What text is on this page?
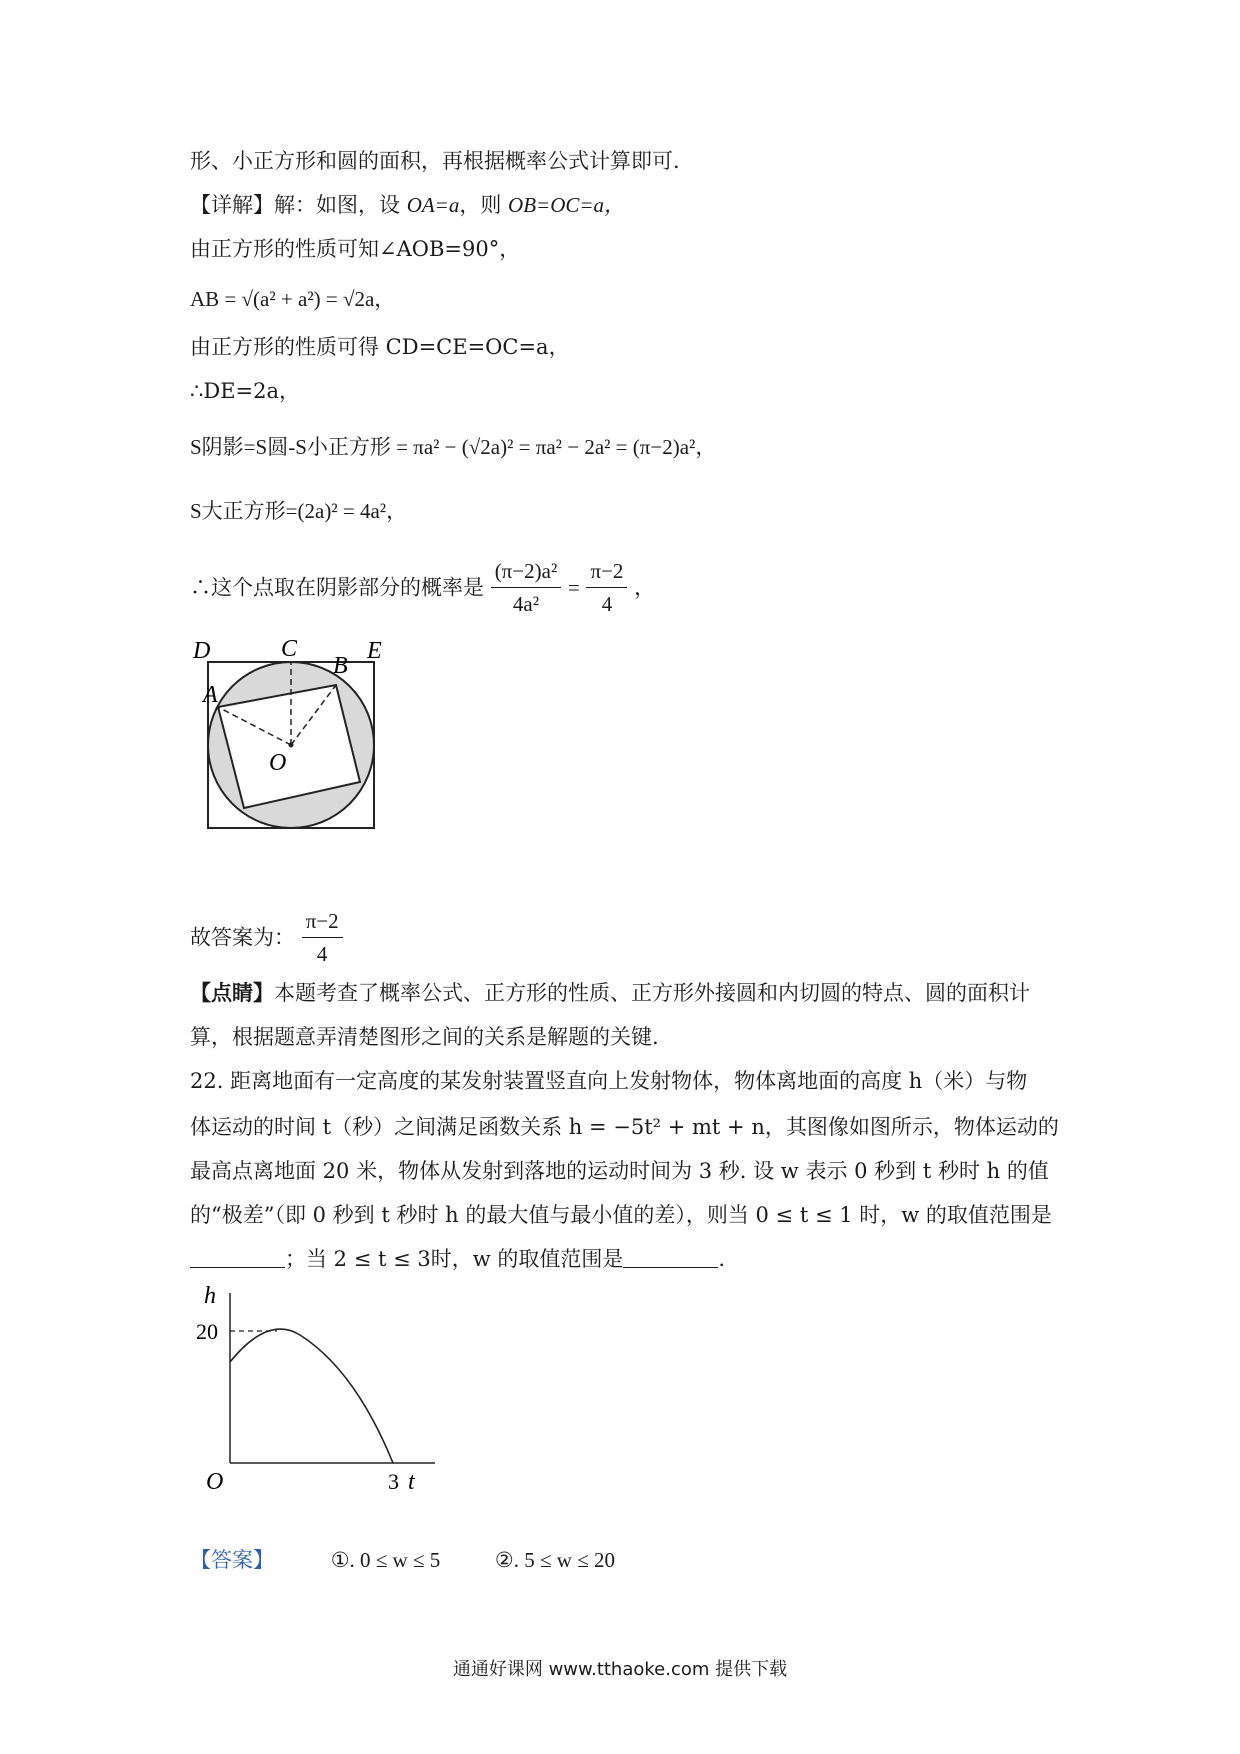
形、小正方形和圆的面积，再根据概率公式计算即可.
【详解】解：如图，设 OA=a，则 OB=OC=a，
由正方形的性质可知∠AOB=90°，
AB = √(a² + a²) = √2a，
由正方形的性质可得 CD=CE=OC=a，
∴DE=2a，
S阴影=S圆-S小正方形 = πa² − (√2a)² = πa² − 2a² = (π−2)a²，
S大正方形=(2a)² = 4a²，
∴这个点取在阴影部分的概率是 $\frac{\text{(π−2)a²}}{\text{4a²}} = \frac{\pi-2}{4}$ ，
D	C
B
E
A
O
故答案为： $\frac{\pi-2}{4}$
【点睛】本题考查了概率公式、正方形的性质、正方形外接圆和内切圆的特点、圆的面积计
算，根据题意弄清楚图形之间的关系是解题的关键.
22. 距离地面有一定高度的某发射装置竖直向上发射物体，物体离地面的高度 h（米）与物
体运动的时间 t（秒）之间满足函数关系 h = −5t² + mt + n，其图像如图所示，物体运动的
最高点离地面 20 米，物体从发射到落地的运动时间为 3 秒. 设 w 表示 0 秒到 t 秒时 h 的值
的“极差”（即 0 秒到 t 秒时 h 的最大值与最小值的差），则当 0 ≤ t ≤ 1 时，w 的取值范围是
；当 2 ≤ t ≤ 3时，w 的取值范围是	.
h
20
O	3 t
【答案】	①. 0 ≤ w ≤ 5	②. 5 ≤ w ≤ 20
通通好课网 www.tthaoke.com 提供下载
